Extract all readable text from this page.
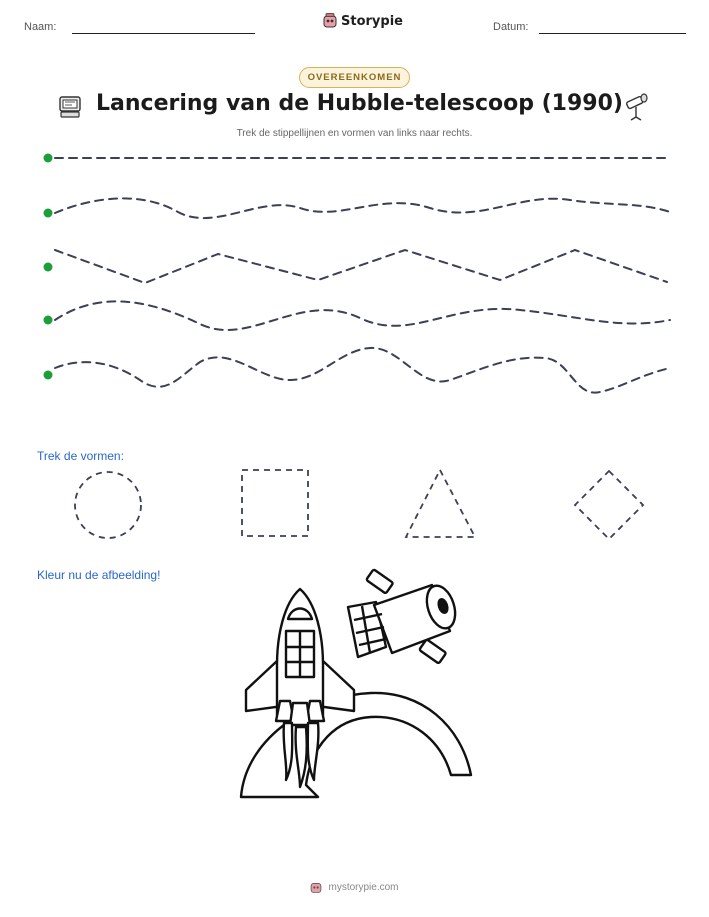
Naam:	Storypie	Datum:
OVEREENKOMEN
Lancering van de Hubble-telescoop (1990)
Trek de stippellijnen en vormen van links naar rechts.
Trek de vormen:
Kleur nu de afbeelding!
mystorypie.com
